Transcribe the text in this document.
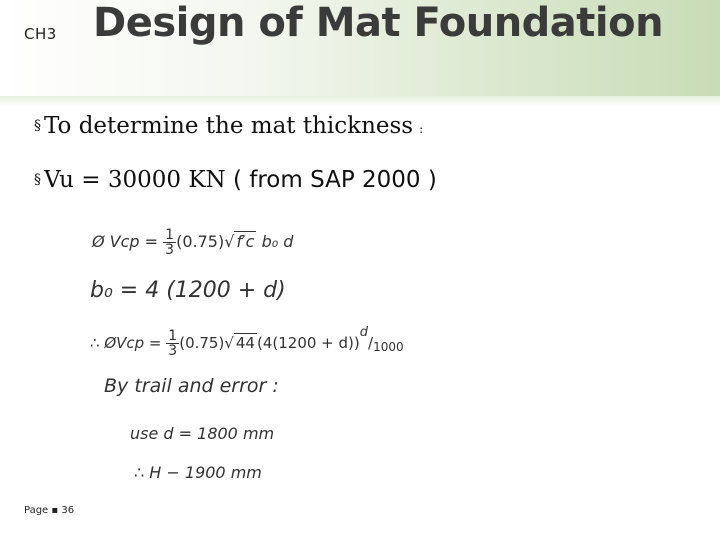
CH3 Design of Mat Foundation
§ To determine the mat thickness :
§ Vu = 30000 KN ( from SAP 2000 )
Ø Vcp = $\frac{1}{3} (0.75)√$ f′c b₀ d
b₀ = 4 (1200 + d)
∴ ØVcp = $\frac{1}{3} (0.75)√$ 44 $(4(1200 + d))d/_{1000}$
By trail and error :
use d = 1800 mm
∴ H − 1900 mm
Page ▪ 36
